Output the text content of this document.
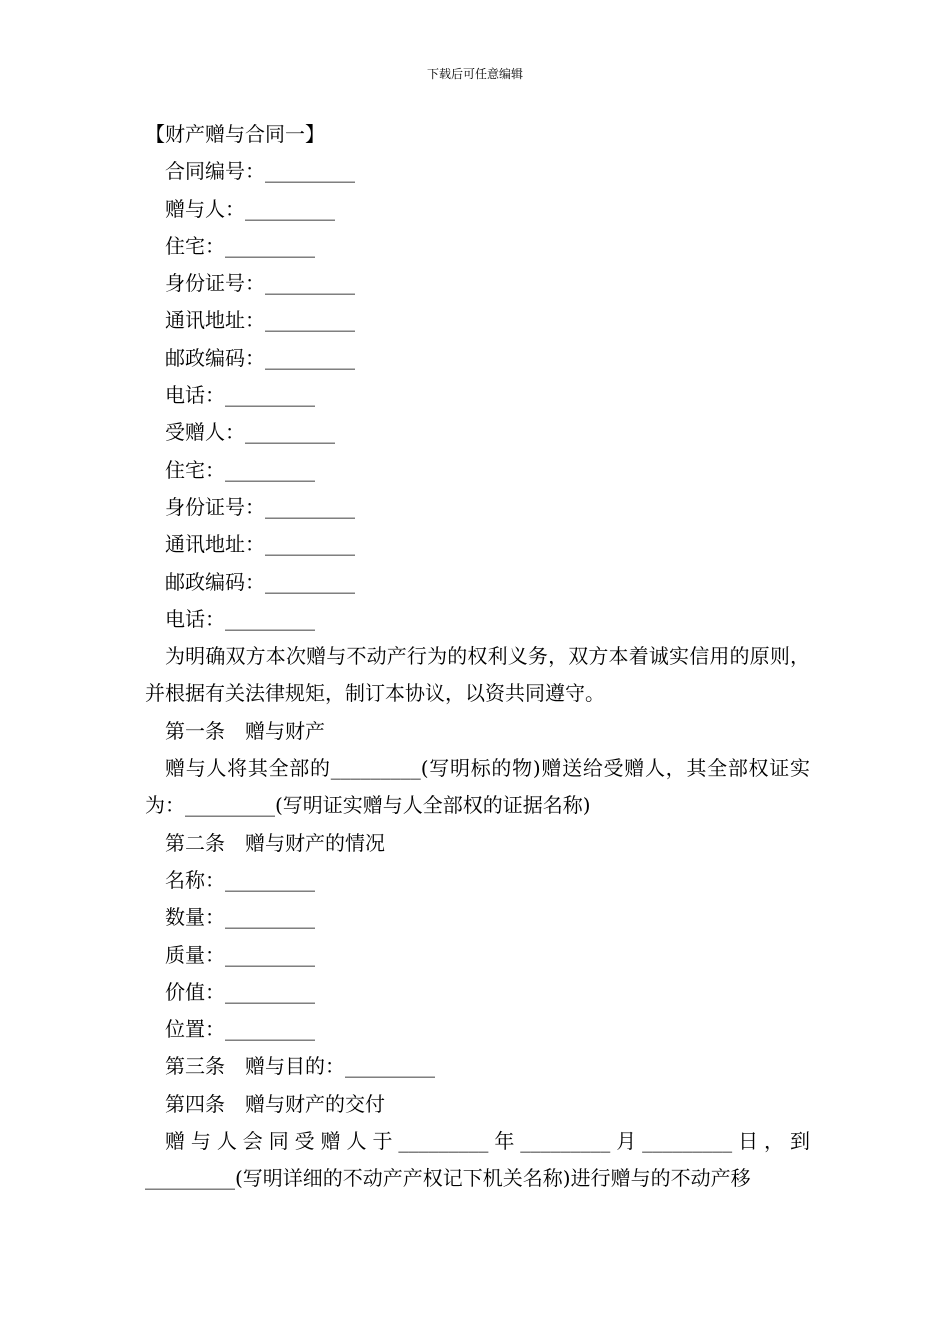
下载后可任意编辑

【财产赠与合同一】

合同编号：_________

赠与人：_________

住宅：_________

身份证号：_________

通讯地址：_________

邮政编码：_________

电话：_________

受赠人：_________

住宅：_________

身份证号：_________

通讯地址：_________

邮政编码：_________

电话：_________

为明确双方本次赠与不动产行为的权利义务，双方本着诚实信用的原则，并根据有关法律规矩，制订本协议，以资共同遵守。

第一条 赠与财产

赠与人将其全部的_________(写明标的物)赠送给受赠人，其全部权证实为：_________(写明证实赠与人全部权的证据名称)

第二条 赠与财产的情况

名称：_________

数量：_________

质量：_________

价值：_________

位置：_________

第三条 赠与目的：_________

第四条 赠与财产的交付

赠与人会同受赠人于_________年_________月_________日，到_________(写明详细的不动产产权记下机关名称)进行赠与的不动产移
